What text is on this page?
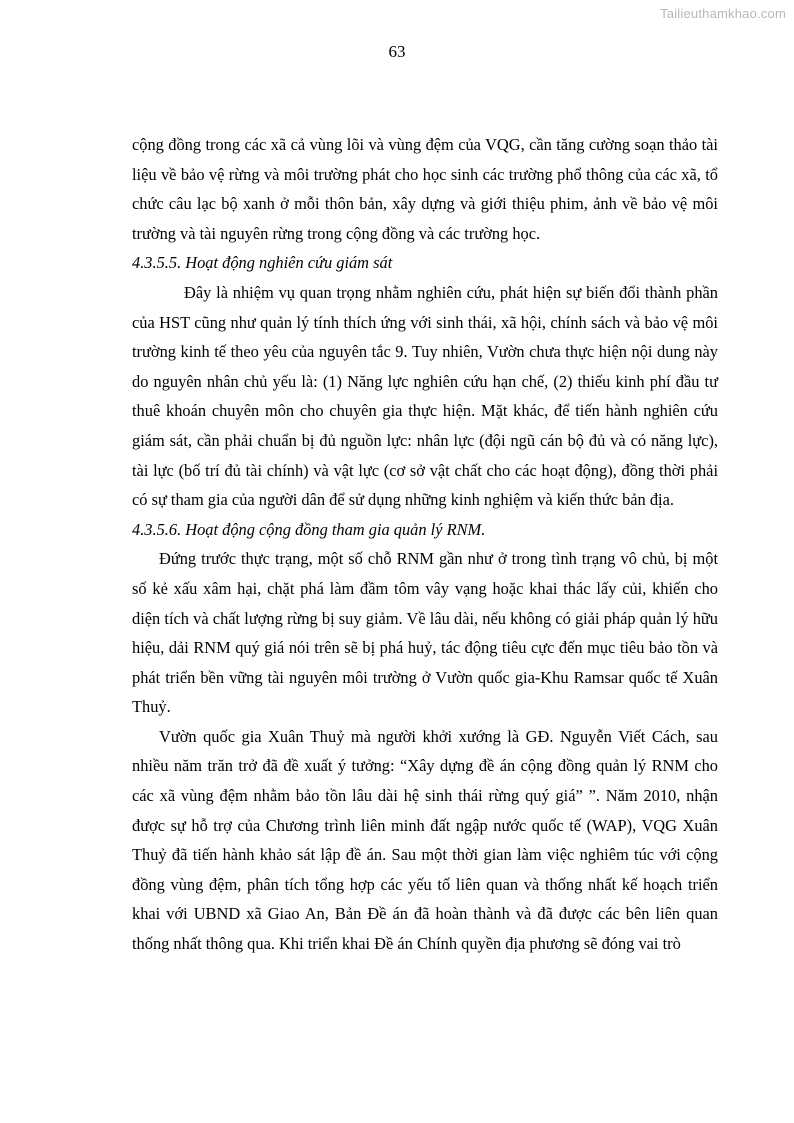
Tailieuthamkhao.com
63

cộng đồng trong các xã cả vùng lõi và vùng đệm của VQG, cần tăng cường soạn thảo tài liệu về bảo vệ rừng và môi trường phát cho học sinh các trường phổ thông của các xã, tổ chức câu lạc bộ xanh ở mỗi thôn bản, xây dựng và giới thiệu phim, ảnh về bảo vệ môi trường và tài nguyên rừng trong cộng đồng và các trường học.

4.3.5.5. Hoạt động nghiên cứu giám sát

Đây là nhiệm vụ quan trọng nhằm nghiên cứu, phát hiện sự biến đổi thành phần của HST cũng như quản lý tính thích ứng với sinh thái, xã hội, chính sách và bảo vệ môi trường kinh tế theo yêu của nguyên tắc 9. Tuy nhiên, Vườn chưa thực hiện nội dung này do nguyên nhân chủ yếu là: (1) Năng lực nghiên cứu hạn chế, (2) thiếu kinh phí đầu tư thuê khoán chuyên môn cho chuyên gia thực hiện. Mặt khác, để tiến hành nghiên cứu giám sát, cần phải chuẩn bị đủ nguồn lực: nhân lực (đội ngũ cán bộ đủ và có năng lực), tài lực (bố trí đủ tài chính) và vật lực (cơ sở vật chất cho các hoạt động), đồng thời phải có sự tham gia của người dân để sử dụng những kinh nghiệm và kiến thức bản địa.

4.3.5.6. Hoạt động cộng đồng tham gia quản lý RNM.

Đứng trước thực trạng, một số chỗ RNM gần như ở trong tình trạng vô chủ, bị một số kẻ xấu xâm hại, chặt phá làm đầm tôm vây vạng hoặc khai thác lấy củi, khiến cho diện tích và chất lượng rừng bị suy giảm. Về lâu dài, nếu không có giải pháp quản lý hữu hiệu, dải RNM quý giá nói trên sẽ bị phá huỷ, tác động tiêu cực đến mục tiêu bảo tồn và phát triển bền vững tài nguyên môi trường ở Vườn quốc gia-Khu Ramsar quốc tế Xuân Thuỷ.

Vườn quốc gia Xuân Thuỷ mà người khởi xướng là GĐ. Nguyễn Viết Cách, sau nhiều năm trăn trở đã đề xuất ý tưởng: “Xây dựng đề án cộng đồng quản lý RNM cho các xã vùng đệm nhằm bảo tồn lâu dài hệ sinh thái rừng quý giá” ”. Năm 2010, nhận được sự hỗ trợ của Chương trình liên minh đất ngập nước quốc tế (WAP), VQG Xuân Thuỷ đã tiến hành khảo sát lập đề án. Sau một thời gian làm việc nghiêm túc với cộng đồng vùng đệm, phân tích tổng hợp các yếu tố liên quan và thống nhất kế hoạch triển khai với UBND xã Giao An, Bản Đề án đã hoàn thành và đã được các bên liên quan thống nhất thông qua. Khi triển khai Đề án Chính quyền địa phương sẽ đóng vai trò
